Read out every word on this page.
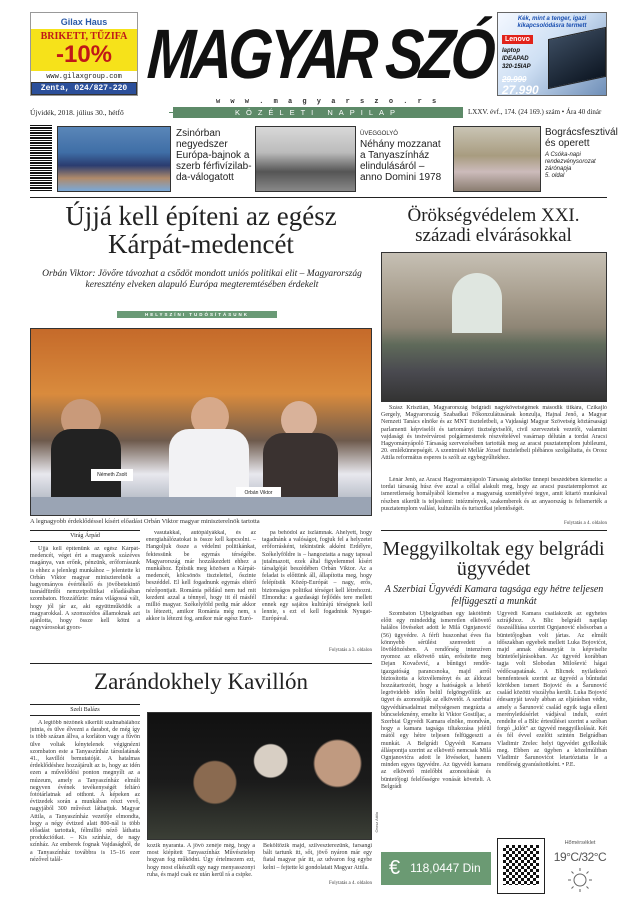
Gilax Haus
BRIKETT, TŰZIFA
-10%
www.gilaxgroup.com
Zenta, 024/827-220
Kék, mint a tenger, igazi kikapcsolódásra termett
Lenovo
laptop
IDEAPAD
320-15IAP
29.990
27.990
MAGYAR SZÓ
w w w . m a g y a r s z o . r s
Újvidék, 2018. július 30., hétfő	KÖZÉLETI NAPILAP	LXXV. évf., 174. (24 169.) szám • Ára 40 dinár
Zsinórban negyedszer Európa-bajnok a szerb férfivízilab-da-válogatott
ÜVEGGOLYÓ
Néhány mozzanat a Tanyaszínház elindulásáról – anno Domini 1978
Bográcsfesztivál és operett
A Csóka-napi rendezvénysorozat zárónapja
5. oldal
Újjá kell építeni az egész Kárpát-medencét
Orbán Viktor: Jövőre távozhat a csődöt mondott uniós politikai elit – Magyarország keresztény elveken alapuló Európa megteremtésében érdekelt
HELYSZÍNI TUDÓSÍTÁSUNK
Németh Zsolt
Orbán Viktor
A legnagyobb érdeklődéssel kísért előadást Orbán Viktor magyar miniszterelnök tartotta
Virág Árpád

Újjá kell építenünk az egész Kárpát-medencét, véget ért a magyarok százéves magánya, van erőnk, pénzünk, erőforrásunk is ehhez a jelenlegi munkához – jelentette ki Orbán Viktor magyar miniszterelnök a hagyományos évértékelő és jövőbetekintő tusnádfürdői nemzetpolitikai előadásában szombaton. Hozzáfűzte: mára világossá vált, hogy jól jár az, aki együttműködik a magyarokkal. A szomszédos államoknak azt ajánlotta, hogy össze kell kötni a nagyvárosokat gyors-

vasutakkal, autópályákkal, és az energiahálózatokat is össze kell kapcsolni. – Hangoljuk össze a védelmi politikánkat, fektessünk be egymás térségébe. Magyarország már hozzákezdett ehhez a munkához. Építsük meg közösen a Kárpát-medencét, kölcsönös tisztelettel, őszinte beszéddel. El kell fogadnunk egymás eltérő nézőpontjait. Románia például nem tud mit kezdeni azzal a ténnyel, hogy itt él másfél millió magyar. Székelyföld pedig már akkor is létezett, amikor Románia még nem, s akkor is létezni fog, amikor már egész Euró-

pa behódol az iszlámnak. Ahelyett, hogy tagadnánk a valóságot, fogjuk fel a helyzetet erőforrásként, tekintsünk akként Erdélyre, Székelyföldre is – hangoztatta a nagy tapssal jutalmazott, ezek által figyelemmel kísért társalgóját beszédében Orbán Viktor. Az a feladat is előttünk áll, állapította meg, hogy felépítsük Közép-Európát – nagy, erős, biztonságos politikai térséget kell létrehozni. Elmondta: a gazdasági fejlődés tere mellett ennek egy sajátos kultúrájú térségnek kell lennie, s ezt el kell fogadniuk Nyugat-Európával.

Folytatás a 3. oldalon
Zarándokhely Kavillón
Szeli Balázs

A legtöbb nézőnek sikerült szalmabálához jutnia, és ülve élvezni a darabot, de még így is több százan állva, a korláton vagy a fűvön ülve voltak kénytelenek végignézni szombaton este a Tanyaszínház társulatának 41., kavillói bemutatóját. A hatalmas érdeklődéshez hozzájárult az is, hogy az idén ezen a művelődési ponton megnyílt az a múzeum, amely a Tanyaszínház elmúlt negyven évének tevékenységét feltáró fotótárlatnak ad otthont. A képeken az évtizedek során a munkában részt vevő, nagyjából 300 művészt láthatjuk. Magyar Attila, a Tanyaszínház vezetője elmondta, hogy a négy évtized alatt 800-nál is több előadást tartottak, félmillió néző láthatta produkcióikat. – Kis színház, de nagy színház. Az emberek fognak Vajdaságból, de a Tanyaszínház továbbra is 15–16 ezer nézővel talál-

Orosz Attila

kozik nyaranta. A jövő zenéje még, hogy a most kiépített Tanyaszínház Művésztelep hogyan fog működni. Úgy értelmezem ezt, hogy most elkészült egy nagy menyasszonyi ruha, és majd csak ez után kerül rá a csipke.

Beköltözik majd, szilveszterezünk, farsangi bált tartunk itt, sőt, jövő nyáron már egy fiatal magyar pár itt, az udvaron fog egybe kelni – fejtette ki gondolatait Magyar Attila.

Folytatás a 4. oldalon
Örökségvédelem XXI. századi elvárásokkal

Szász Krisztián, Magyarország belgrádi nagykövetségének második titkára, Czikajló Gergely, Magyarország Szabadkai Főkonzulátusának konzulja, Hajnal Jenő, a Magyar Nemzeti Tanács elnöke és az MNT tiszteletbeli, a Vajdasági Magyar Szövetség köztársasági parlamenti képviselői és tartományi tisztségviselői, civil szervezetek vezetői, valamint vajdasági és testvérvárosi polgármesterek részvételével vasárnap délután a tordai Aracsi Hagyományápoló Társaság szervezésében tartották meg az aracsi pusztatemplom jubileumi, 20. emlékünnepségét. A szentmisét Mellár József tiszteletbeli plébános szolgáltatta, és Orosz Attila református esperes is szólt az egybegyűltekhez.

Lénár Jenő, az Aracsi Hagyományápoló Társaság alelnöke ünnepi beszédében kiemelte: a tordai társaság húsz éve azzal a céllal alakult meg, hogy az aracsi pusztatemplomot az ismeretlenség homályából kiemelve a magyarság szentélyévé tegye, amit kitartó munkával részben sikerült is teljesíteni: intézmények, szakemberek és az anyaország is felismerték a pusztatemplom vallási, kulturális és turisztikai jelentőségét.

Folytatás a 4. oldalon
Meggyilkoltak egy belgrádi ügyvédet
A Szerbiai Ügyvédi Kamara tagsága egy hétre teljesen felfüggeszti a munkát

Szombaton Újbelgrádban egy lakótömb előtt egy mindeddig ismeretlen elkövető halálos lövéseket adott le Milá Ognjanović (56) ügyvédre. A férfi huszonhat éves fia könnyebb sérülést szenvedett a lövöldözésben. A rendőrség intenzíven nyomoz az elkövető után, erősítette meg Dejan Kovačević, a bűnügyi rendőr-igazgatóság parancsnoka, majd arról biztosította a közvéleményt és az áldozat hozzátartozóit, hogy a hatóságok a lehető legrövidebb időn belül felgöngyölítik az ügyet és azonosítják az elkövetőt. A szerbiai ügyvédtársadalmat mélységesen megrázta a bűncselekmény, emelte ki Viktor Gostiljac, a Szerbiai Ügyvédi Kamara elnöke, mondván, hogy a kamara tagsága tiltakozása jeléül mától egy hétre teljesen felfüggeszti a munkát. A Belgrádi Ügyvédi Kamara álláspontja szerint az elkövető nemcsak Milá Ognjanovićra adott le lövéseket, hanem minden egyes ügyvédre. Az ügyvédi kamara az elkövető mielőbbi azonosítását és büntetőjogi felelősségre vonását követeli. A Belgrádi

Ügyvédi Kamara csatlakozik az egyhetes sztrájkhoz. A Blic belgrádi napilap összeállítása szerint Ognjanović elsősorban a büntetőjogban volt jártas. Az elmúlt időszakban egyebek mellett Luka Bojovićot, majd annak édesanyját is képviselte büntetőeljárásokban. Az ügyvéd korábban tagja volt Slobodan Milošević hágai védőcsapatának. A Blicnek nyilatkozó bennfentesek szerint az ügyvéd a bűntudat körökben ismert Bojović és a Šarunović család közötti viszályba került. Luka Bojović édesanyját tavaly abban az eljárásban védte, amely a Šarunović család egyik tagja elleni merényletkísérlet vádjával indult, ezért rendelte el a Blic értesülései szerint a szóban forgó „kilót" az ügyvéd meggyilkolását. Két és fél évvel ezelőtt szintén Belgrádban Vladimir Zrelec helyi ügyvédet gyilkolták meg. Ebben az ügyben a közelmúltban Vladimir Šarunovićot letartóztatta le a rendőrség gyanúsítottként. • P.E.

€ 118,0447 Din
Hőmérséklet
19°C/32°C
